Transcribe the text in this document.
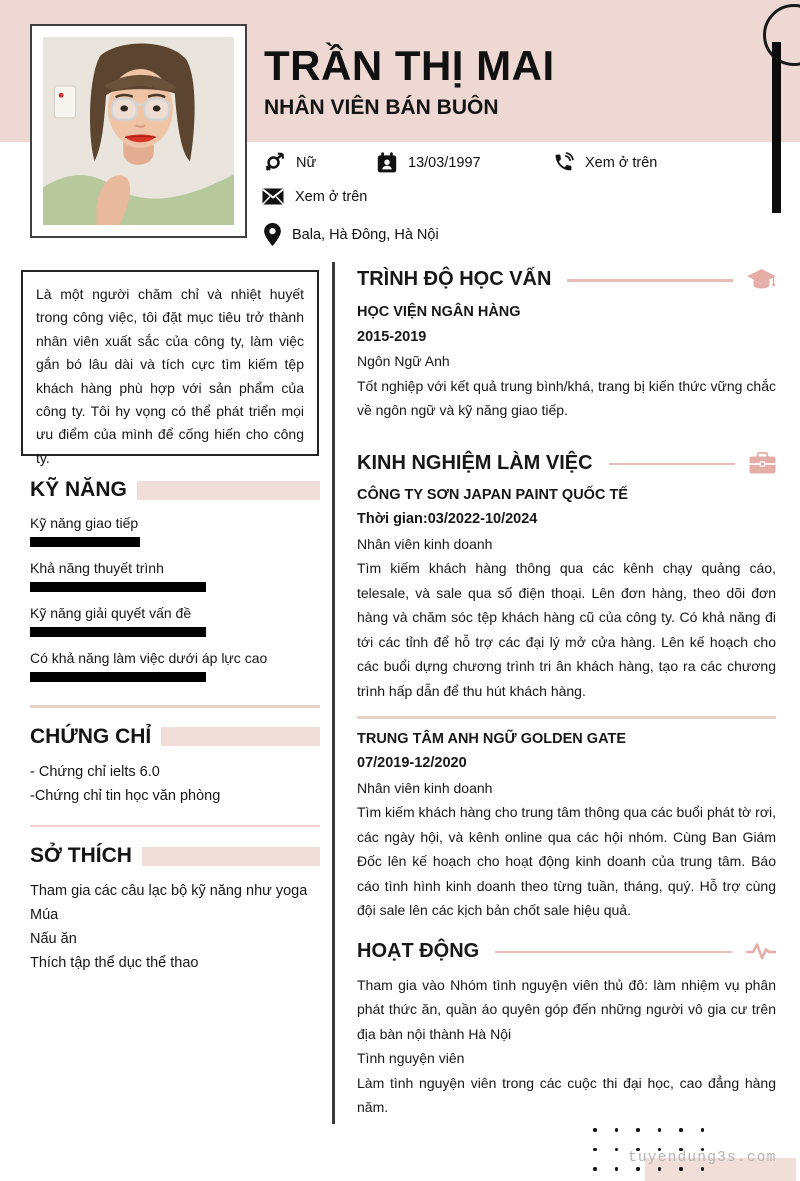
TRẦN THỊ MAI
NHÂN VIÊN BÁN BUÔN
Nữ	13/03/1997	Xem ở trên
Xem ở trên
Bala, Hà Đông, Hà Nội
Là một người chăm chỉ và nhiệt huyết trong công việc, tôi đặt mục tiêu trở thành nhân viên xuất sắc của công ty, làm việc gắn bó lâu dài và tích cực tìm kiếm tệp khách hàng phù hợp với sản phẩm của công ty. Tôi hy vọng có thể phát triển mọi ưu điểm của mình để cống hiến cho công ty.
KỸ NĂNG
Kỹ năng giao tiếp
Khả năng thuyết trình
Kỹ năng giải quyết vấn đề
Có khả năng làm việc dưới áp lực cao
CHỨNG CHỈ

- Chứng chỉ ielts 6.0

-Chứng chỉ tin học văn phòng

SỞ THÍCH

Tham gia các câu lạc bộ kỹ năng như yoga

Múa

Nấu ăn

Thích tập thể dục thể thao

TRÌNH ĐỘ HỌC VẤN

HỌC VIỆN NGÂN HÀNG

2015-2019

Ngôn Ngữ Anh

Tốt nghiệp với kết quả trung bình/khá, trang bị kiến thức vững chắc về ngôn ngữ và kỹ năng giao tiếp.

KINH NGHIỆM LÀM VIỆC

CÔNG TY SƠN JAPAN PAINT QUỐC TẾ

Thời gian:03/2022-10/2024

Nhân viên kinh doanh

Tìm kiếm khách hàng thông qua các kênh chạy quảng cáo, telesale, và sale qua số điện thoại. Lên đơn hàng, theo dõi đơn hàng và chăm sóc tệp khách hàng cũ của công ty. Có khả năng đi tới các tỉnh để hỗ trợ các đại lý mở cửa hàng. Lên kế hoạch cho các buổi dựng chương trình tri ân khách hàng, tạo ra các chương trình hấp dẫn để thu hút khách hàng.

TRUNG TÂM ANH NGỮ GOLDEN GATE

07/2019-12/2020

Nhân viên kinh doanh

Tìm kiếm khách hàng cho trung tâm thông qua các buổi phát tờ rơi, các ngày hội, và kênh online qua các hội nhóm. Cùng Ban Giám Đốc lên kế hoạch cho hoạt động kinh doanh của trung tâm. Báo cáo tình hình kinh doanh theo từng tuần, tháng, quý. Hỗ trợ cùng đội sale lên các kịch bản chốt sale hiệu quả.

HOẠT ĐỘNG

Tham gia vào Nhóm tình nguyện viên thủ đô: làm nhiệm vụ phân phát thức ăn, quần áo quyên góp đến những người vô gia cư trên địa bàn nội thành Hà Nội

Tình nguyện viên

Làm tình nguyện viên trong các cuộc thi đại học, cao đẳng hàng năm.

tuyendung3s.com
